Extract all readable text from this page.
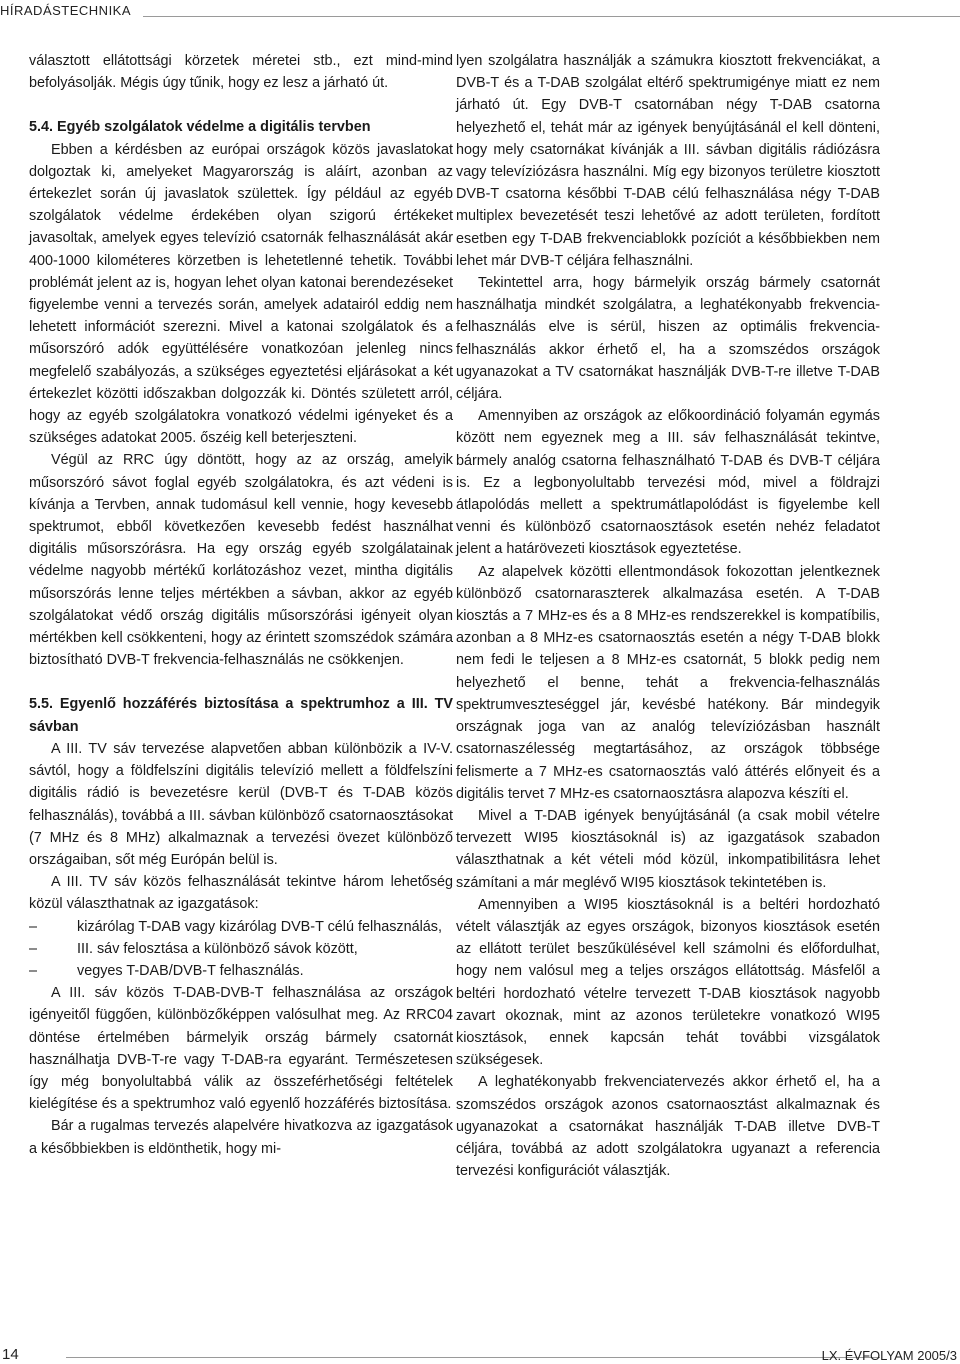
HÍRADÁSTECHNIKA

választott ellátottsági körzetek méretei stb., ezt mind-mind befolyásolják. Mégis úgy tűnik, hogy ez lesz a járható út.

5.4. Egyéb szolgálatok védelme a digitális tervben

Ebben a kérdésben az európai országok közös javaslatokat dolgoztak ki, amelyeket Magyarország is aláírt, azonban az értekezlet során új javaslatok születtek. Így például az egyéb szolgálatok védelme érdekében olyan szigorú értékeket javasoltak, amelyek egyes televízió csatornák felhasználását akár 400-1000 kilométeres körzetben is lehetetlenné tehetik. További problémát jelent az is, hogyan lehet olyan katonai berendezéseket figyelembe venni a tervezés során, amelyek adatairól eddig nem lehetett információt szerezni. Mivel a katonai szolgálatok és a műsorszóró adók együttélésére vonatkozóan jelenleg nincs megfelelő szabályozás, a szükséges egyeztetési eljárásokat a két értekezlet közötti időszakban dolgozzák ki. Döntés született arról, hogy az egyéb szolgálatokra vonatkozó védelmi igényeket és a szükséges adatokat 2005. őszéig kell beterjeszteni.

Végül az RRC úgy döntött, hogy az az ország, amelyik műsorszóró sávot foglal egyéb szolgálatokra, és azt védeni is kívánja a Tervben, annak tudomásul kell vennie, hogy kevesebb spektrumot, ebből következően kevesebb fedést használhat digitális műsorszórásra. Ha egy ország egyéb szolgálatainak védelme nagyobb mértékű korlátozáshoz vezet, mintha digitális műsorszórás lenne teljes mértékben a sávban, akkor az egyéb szolgálatokat védő ország digitális műsorszórási igényeit olyan mértékben kell csökkenteni, hogy az érintett szomszédok számára biztosítható DVB-T frekvencia-felhasználás ne csökkenjen.

5.5. Egyenlő hozzáférés biztosítása a spektrumhoz a III. TV sávban

A III. TV sáv tervezése alapvetően abban különbözik a IV-V. sávtól, hogy a földfelszíni digitális televízió mellett a földfelszíni digitális rádió is bevezetésre kerül (DVB-T és T-DAB közös felhasználás), továbbá a III. sávban különböző csatornaosztásokat (7 MHz és 8 MHz) alkalmaznak a tervezési övezet különböző országaiban, sőt még Európán belül is.

A III. TV sáv közös felhasználását tekintve három lehetőség közül választhatnak az igazgatások:

–	kizárólag T-DAB vagy kizárólag DVB-T célú felhasználás,
–	III. sáv felosztása a különböző sávok között,
–	vegyes T-DAB/DVB-T felhasználás.

A III. sáv közös T-DAB-DVB-T felhasználása az országok igényeitől függően, különbözőképpen valósulhat meg. Az RRC04 döntése értelmében bármelyik ország bármely csatornát használhatja DVB-T-re vagy T-DAB-ra egyaránt. Természetesen így még bonyolultabbá válik az összeférhetőségi feltételek kielégítése és a spektrumhoz való egyenlő hozzáférés biztosítása.

Bár a rugalmas tervezés alapelvére hivatkozva az igazgatások a későbbiekben is eldönthetik, hogy mi-

lyen szolgálatra használják a számukra kiosztott frekvenciákat, a DVB-T és a T-DAB szolgálat eltérő spektrumigénye miatt ez nem járható út. Egy DVB-T csatornában négy T-DAB csatorna helyezhető el, tehát már az igények benyújtásánál el kell dönteni, hogy mely csatornákat kívánják a III. sávban digitális rádiózásra vagy televíziózásra használni. Míg egy bizonyos területre kiosztott DVB-T csatorna későbbi T-DAB célú felhasználása négy T-DAB multiplex bevezetését teszi lehetővé az adott területen, fordított esetben egy T-DAB frekvenciablokk pozíciót a későbbiekben nem lehet már DVB-T céljára felhasználni.

Tekintettel arra, hogy bármelyik ország bármely csatornát használhatja mindkét szolgálatra, a leghatékonyabb frekvencia-felhasználás elve is sérül, hiszen az optimális frekvencia-felhasználás akkor érhető el, ha a szomszédos országok ugyanazokat a TV csatornákat használják DVB-T-re illetve T-DAB céljára.

Amennyiben az országok az előkoordináció folyamán egymás között nem egyeznek meg a III. sáv felhasználását tekintve, bármely analóg csatorna felhasználható T-DAB és DVB-T céljára is. Ez a legbonyolultabb tervezési mód, mivel a földrajzi átlapolódás mellett a spektrumátlapolódást is figyelembe kell venni és különböző csatornaosztások esetén nehéz feladatot jelent a határövezeti kiosztások egyeztetése.

Az alapelvek közötti ellentmondások fokozottan jelentkeznek különböző csatornaraszterek alkalmazása esetén. A T-DAB kiosztás a 7 MHz-es és a 8 MHz-es rendszerekkel is kompatíbilis, azonban a 8 MHz-es csatornaosztás esetén a négy T-DAB blokk nem fedi le teljesen a 8 MHz-es csatornát, 5 blokk pedig nem helyezhető el benne, tehát a frekvencia-felhasználás spektrumveszteséggel jár, kevésbé hatékony. Bár mindegyik országnak joga van az analóg televíziózásban használt csatornaszélesség megtartásához, az országok többsége felismerte a 7 MHz-es csatornaosztás való áttérés előnyeit és a digitális tervet 7 MHz-es csatornaosztásra alapozva készíti el.

Mivel a T-DAB igények benyújtásánál (a csak mobil vételre tervezett WI95 kiosztásoknál is) az igazgatások szabadon választhatnak a két vételi mód közül, inkompatibilitásra lehet számítani a már meglévő WI95 kiosztások tekintetében is.

Amennyiben a WI95 kiosztásoknál is a beltéri hordozható vételt választják az egyes országok, bizonyos kiosztások esetén az ellátott terület beszűkülésével kell számolni és előfordulhat, hogy nem valósul meg a teljes országos ellátottság. Másfelől a beltéri hordozható vételre tervezett T-DAB kiosztások nagyobb zavart okoznak, mint az azonos területekre vonatkozó WI95 kiosztások, ennek kapcsán tehát további vizsgálatok szükségesek.

A leghatékonyabb frekvenciatervezés akkor érhető el, ha a szomszédos országok azonos csatornaosztást alkalmaznak és ugyanazokat a csatornákat használják T-DAB illetve DVB-T céljára, továbbá az adott szolgálatokra ugyanazt a referencia tervezési konfigurációt választják.

14	LX. ÉVFOLYAM 2005/3
